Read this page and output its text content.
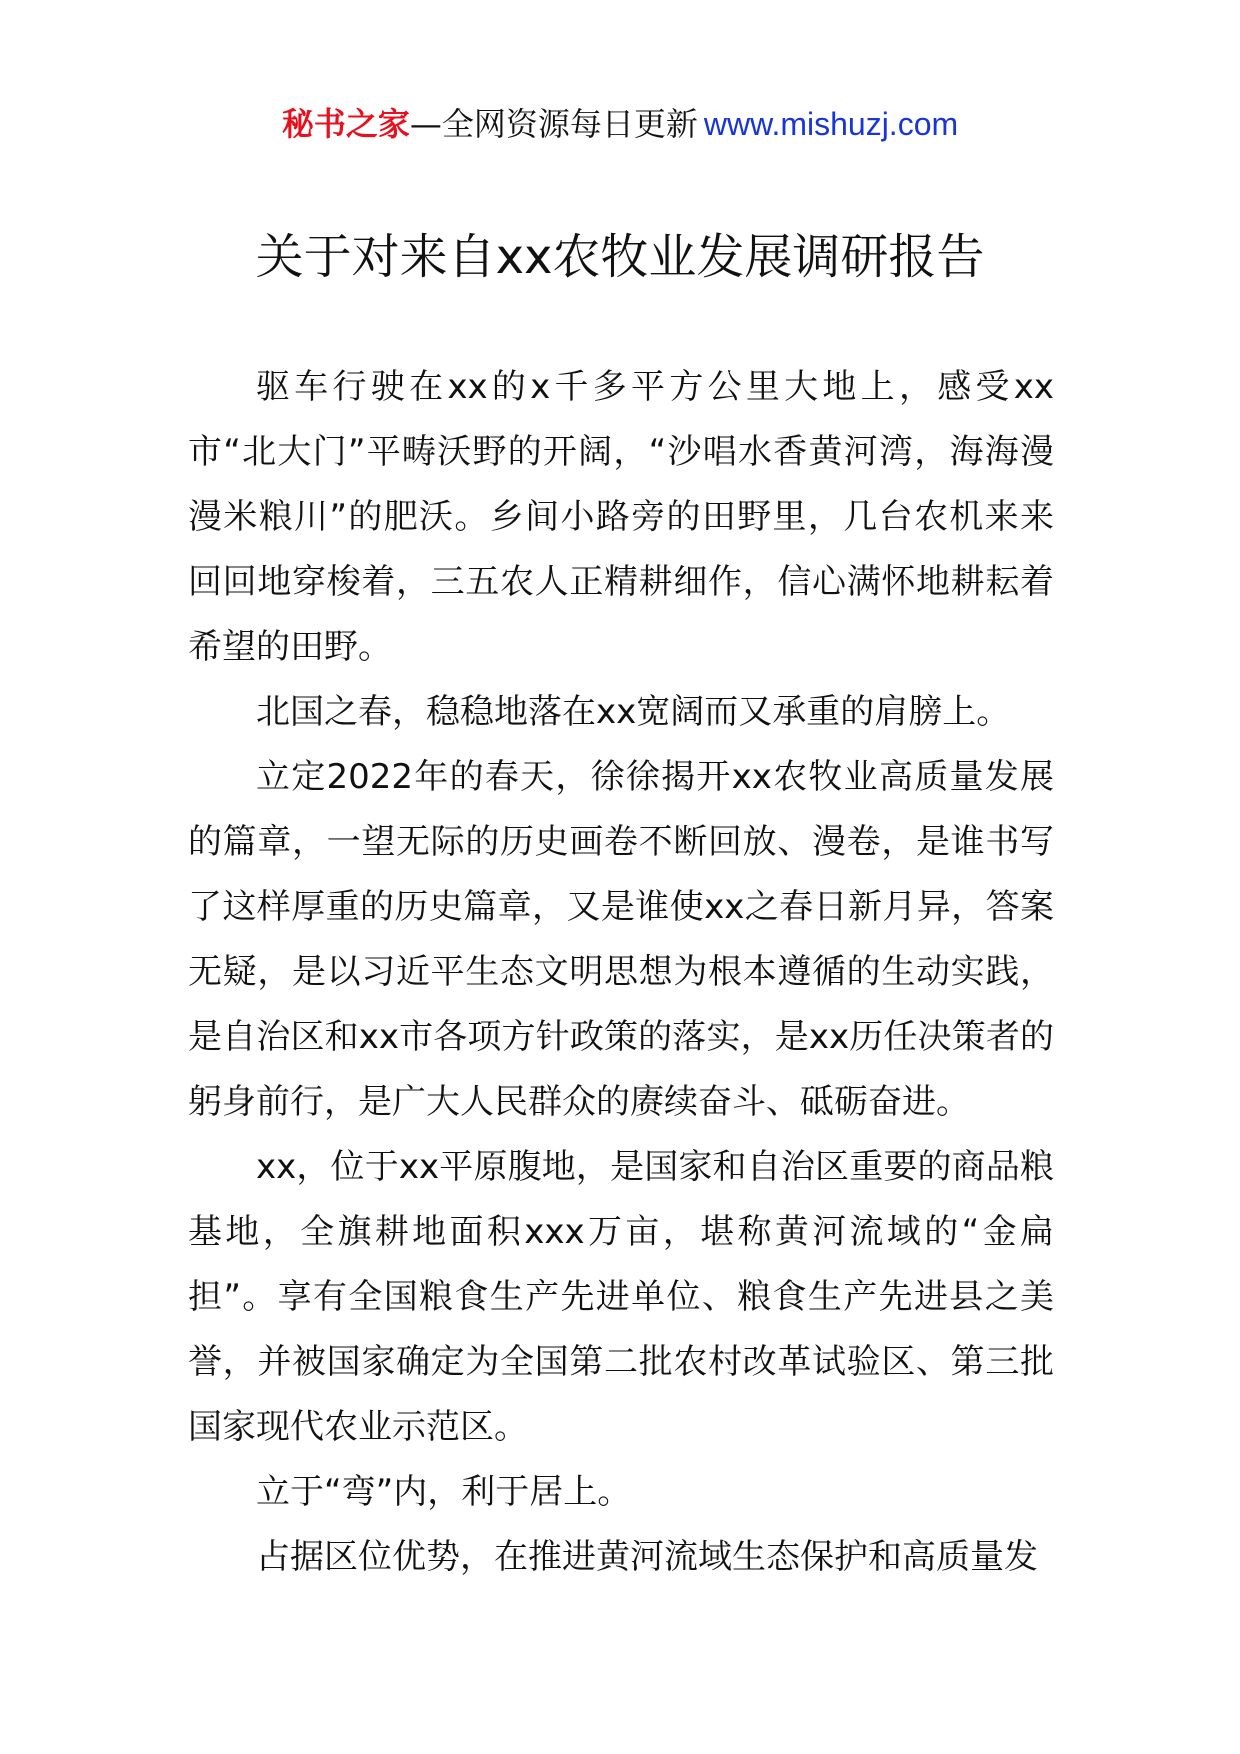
秘书之家—全网资源每日更新 www.mishuzj.com
关于对来自xx农牧业发展调研报告

驱车行驶在xx的x千多平方公里大地上，感受xx市“北大门”平畴沃野的开阔，“沙唱水香黄河湾，海海漫漫米粮川”的肥沃。乡间小路旁的田野里，几台农机来来回回地穿梭着，三五农人正精耕细作，信心满怀地耕耘着希望的田野。

北国之春，稳稳地落在xx宽阔而又承重的肩膀上。

立定2022年的春天，徐徐揭开xx农牧业高质量发展的篇章，一望无际的历史画卷不断回放、漫卷，是谁书写了这样厚重的历史篇章，又是谁使xx之春日新月异，答案无疑，是以习近平生态文明思想为根本遵循的生动实践，是自治区和xx市各项方针政策的落实，是xx历任决策者的躬身前行，是广大人民群众的赓续奋斗、砥砺奋进。

xx，位于xx平原腹地，是国家和自治区重要的商品粮基地，全旗耕地面积xxx万亩，堪称黄河流域的“金扁担”。享有全国粮食生产先进单位、粮食生产先进县之美誉，并被国家确定为全国第二批农村改革试验区、第三批国家现代农业示范区。

立于“弯”内，利于居上。

占据区位优势，在推进黄河流域生态保护和高质量发
